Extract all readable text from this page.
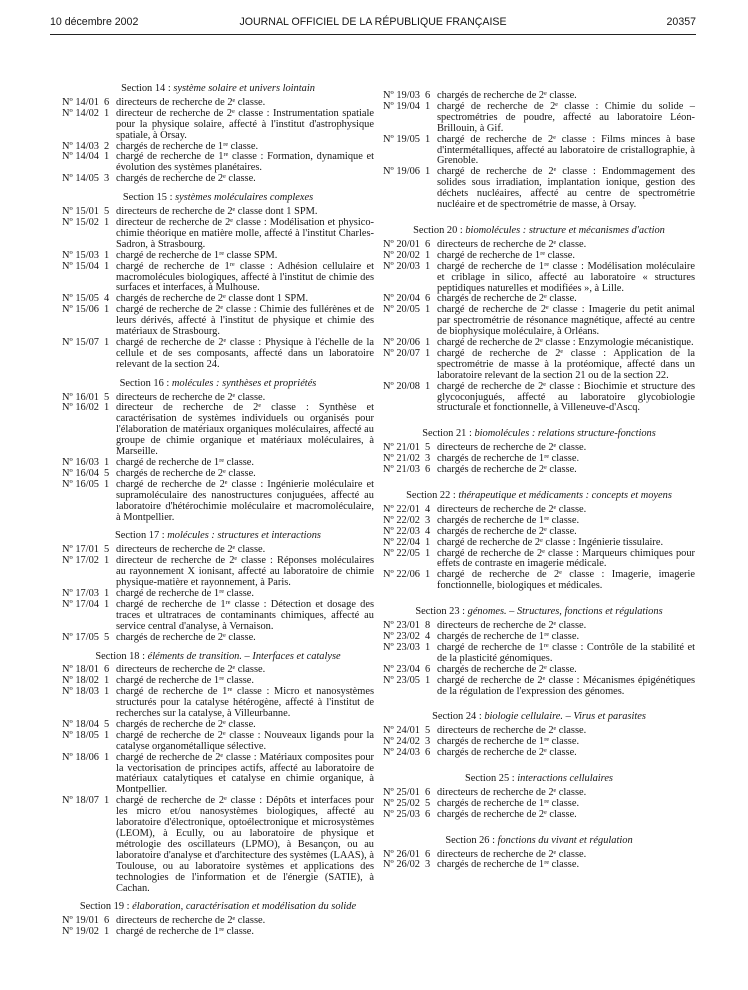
10 décembre 2002	JOURNAL OFFICIEL DE LA RÉPUBLIQUE FRANÇAISE	20357
Section 14 : système solaire et univers lointain
Nº 14/01 6 directeurs de recherche de 2ᵉ classe.
Nº 14/02 1 directeur de recherche de 2ᵉ classe : Instrumentation spatiale pour la physique solaire, affecté à l'institut d'astrophysique spatiale, à Orsay.
Nº 14/03 2 chargés de recherche de 1ʳᵉ classe.
Nº 14/04 1 chargé de recherche de 1ʳᵉ classe : Formation, dynamique et évolution des systèmes planétaires.
Nº 14/05 3 chargés de recherche de 2ᵉ classe.
Section 15 : systèmes moléculaires complexes
Nº 15/01 5 directeurs de recherche de 2ᵉ classe dont 1 SPM.
Nº 15/02 1 directeur de recherche de 2ᵉ classe : Modélisation et physico-chimie théorique en matière molle, affecté à l'institut Charles-Sadron, à Strasbourg.
Nº 15/03 1 chargé de recherche de 1ʳᵉ classe SPM.
Nº 15/04 1 chargé de recherche de 1ʳᵉ classe : Adhésion cellulaire et macromolécules biologiques, affecté à l'institut de chimie des surfaces et interfaces, à Mulhouse.
Nº 15/05 4 chargés de recherche de 2ᵉ classe dont 1 SPM.
Nº 15/06 1 chargé de recherche de 2ᵉ classe : Chimie des fullérènes et de leurs dérivés, affecté à l'institut de physique et chimie des matériaux de Strasbourg.
Nº 15/07 1 chargé de recherche de 2ᵉ classe : Physique à l'échelle de la cellule et de ses composants, affecté dans un laboratoire relevant de la section 24.
Section 16 : molécules : synthèses et propriétés
Nº 16/01 5 directeurs de recherche de 2ᵉ classe.
Nº 16/02 1 directeur de recherche de 2ᵉ classe : Synthèse et caractérisation de systèmes individuels ou organisés pour l'élaboration de matériaux organiques moléculaires, affecté au groupe de chimie organique et matériaux moléculaires, à Marseille.
Nº 16/03 1 chargé de recherche de 1ʳᵉ classe.
Nº 16/04 5 chargés de recherche de 2ᵉ classe.
Nº 16/05 1 chargé de recherche de 2ᵉ classe : Ingénierie moléculaire et supramoléculaire des nanostructures conjuguées, affecté au laboratoire d'hétérochimie moléculaire et macromoléculaire, à Montpellier.
Section 17 : molécules : structures et interactions
Nº 17/01 5 directeurs de recherche de 2ᵉ classe.
Nº 17/02 1 directeur de recherche de 2ᵉ classe : Réponses moléculaires au rayonnement X ionisant, affecté au laboratoire de chimie physique-matière et rayonnement, à Paris.
Nº 17/03 1 chargé de recherche de 1ʳᵉ classe.
Nº 17/04 1 chargé de recherche de 1ʳᵉ classe : Détection et dosage des traces et ultratraces de contaminants chimiques, affecté au service central d'analyse, à Vernaison.
Nº 17/05 5 chargés de recherche de 2ᵉ classe.
Section 18 : éléments de transition. – Interfaces et catalyse
Nº 18/01 6 directeurs de recherche de 2ᵉ classe.
Nº 18/02 1 chargé de recherche de 1ʳᵉ classe.
Nº 18/03 1 chargé de recherche de 1ʳᵉ classe : Micro et nanosystèmes structurés pour la catalyse hétérogène, affecté à l'institut de recherches sur la catalyse, à Villeurbanne.
Nº 18/04 5 chargés de recherche de 2ᵉ classe.
Nº 18/05 1 chargé de recherche de 2ᵉ classe : Nouveaux ligands pour la catalyse organométallique sélective.
Nº 18/06 1 chargé de recherche de 2ᵉ classe : Matériaux composites pour la vectorisation de principes actifs, affecté au laboratoire de matériaux catalytiques et catalyse en chimie organique, à Montpellier.
Nº 18/07 1 chargé de recherche de 2ᵉ classe : Dépôts et interfaces pour les micro et/ou nanosystèmes biologiques, affecté au laboratoire d'électronique, optoélectronique et microsystèmes (LEOM), à Ecully, ou au laboratoire de physique et métrologie des oscillateurs (LPMO), à Besançon, ou au laboratoire d'analyse et d'architecture des systèmes (LAAS), à Toulouse, ou au laboratoire systèmes et applications des technologies de l'information et de l'énergie (SATIE), à Cachan.
Section 19 : élaboration, caractérisation et modélisation du solide
Nº 19/01 6 directeurs de recherche de 2ᵉ classe.
Nº 19/02 1 chargé de recherche de 1ʳᵉ classe.
Nº 19/03 6 chargés de recherche de 2ᵉ classe.
Nº 19/04 1 chargé de recherche de 2ᵉ classe : Chimie du solide – spectrométries de poudre, affecté au laboratoire Léon-Brillouin, à Gif.
Nº 19/05 1 chargé de recherche de 2ᵉ classe : Films minces à base d'intermétalliques, affecté au laboratoire de cristallographie, à Grenoble.
Nº 19/06 1 chargé de recherche de 2ᵉ classe : Endommagement des solides sous irradiation, implantation ionique, gestion des déchets nucléaires, affecté au centre de spectrométrie nucléaire et de spectrométrie de masse, à Orsay.
Section 20 : biomolécules : structure et mécanismes d'action
Nº 20/01 6 directeurs de recherche de 2ᵉ classe.
Nº 20/02 1 chargé de recherche de 1ʳᵉ classe.
Nº 20/03 1 chargé de recherche de 1ʳᵉ classe : Modélisation moléculaire et criblage in silico, affecté au laboratoire « structures peptidiques naturelles et modifiées », à Lille.
Nº 20/04 6 chargés de recherche de 2ᵉ classe.
Nº 20/05 1 chargé de recherche de 2ᵉ classe : Imagerie du petit animal par spectrométrie de résonance magnétique, affecté au centre de biophysique moléculaire, à Orléans.
Nº 20/06 1 chargé de recherche de 2ᵉ classe : Enzymologie mécanistique.
Nº 20/07 1 chargé de recherche de 2ᵉ classe : Application de la spectrométrie de masse à la protéomique, affecté dans un laboratoire relevant de la section 21 ou de la section 22.
Nº 20/08 1 chargé de recherche de 2ᵉ classe : Biochimie et structure des glycoconjugués, affecté au laboratoire glycobiologie structurale et fonctionnelle, à Villeneuve-d'Ascq.
Section 21 : biomolécules : relations structure-fonctions
Nº 21/01 5 directeurs de recherche de 2ᵉ classe.
Nº 21/02 3 chargés de recherche de 1ʳᵉ classe.
Nº 21/03 6 chargés de recherche de 2ᵉ classe.
Section 22 : thérapeutique et médicaments : concepts et moyens
Nº 22/01 4 directeurs de recherche de 2ᵉ classe.
Nº 22/02 3 chargés de recherche de 1ʳᵉ classe.
Nº 22/03 4 chargés de recherche de 2ᵉ classe.
Nº 22/04 1 chargé de recherche de 2ᵉ classe : Ingénierie tissulaire.
Nº 22/05 1 chargé de recherche de 2ᵉ classe : Marqueurs chimiques pour effets de contraste en imagerie médicale.
Nº 22/06 1 chargé de recherche de 2ᵉ classe : Imagerie, imagerie fonctionnelle, biologiques et médicales.
Section 23 : génomes. – Structures, fonctions et régulations
Nº 23/01 8 directeurs de recherche de 2ᵉ classe.
Nº 23/02 4 chargés de recherche de 1ʳᵉ classe.
Nº 23/03 1 chargé de recherche de 1ʳᵉ classe : Contrôle de la stabilité et de la plasticité génomiques.
Nº 23/04 6 chargés de recherche de 2ᵉ classe.
Nº 23/05 1 chargé de recherche de 2ᵉ classe : Mécanismes épigénétiques de la régulation de l'expression des génomes.
Section 24 : biologie cellulaire. – Virus et parasites
Nº 24/01 5 directeurs de recherche de 2ᵉ classe.
Nº 24/02 3 chargés de recherche de 1ʳᵉ classe.
Nº 24/03 6 chargés de recherche de 2ᵉ classe.
Section 25 : interactions cellulaires
Nº 25/01 6 directeurs de recherche de 2ᵉ classe.
Nº 25/02 5 chargés de recherche de 1ʳᵉ classe.
Nº 25/03 6 chargés de recherche de 2ᵉ classe.
Section 26 : fonctions du vivant et régulation
Nº 26/01 6 directeurs de recherche de 2ᵉ classe.
Nº 26/02 3 chargés de recherche de 1ʳᵉ classe.
